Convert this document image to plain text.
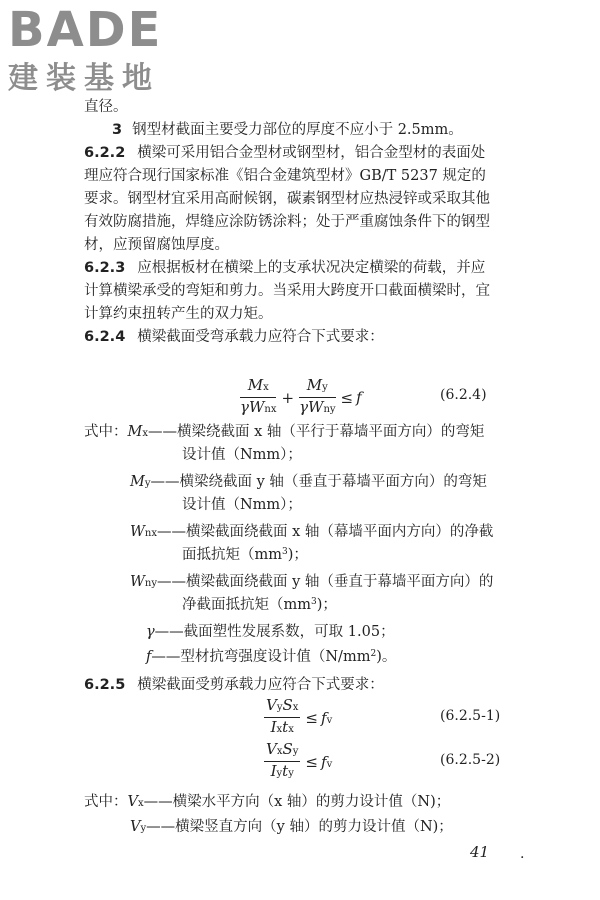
BADE
建装基地
直径。
3 钢型材截面主要受力部位的厚度不应小于 2.5mm。
6.2.2 横梁可采用铝合金型材或钢型材，铝合金型材的表面处
理应符合现行国家标准《铝合金建筑型材》GB/T 5237 规定的
要求。钢型材宜采用高耐候钢，碳素钢型材应热浸锌或采取其他
有效防腐措施，焊缝应涂防锈涂料；处于严重腐蚀条件下的钢型
材，应预留腐蚀厚度。
6.2.3 应根据板材在横梁上的支承状况决定横梁的荷载，并应
计算横梁承受的弯矩和剪力。当采用大跨度开口截面横梁时，宜
计算约束扭转产生的双力矩。
6.2.4 横梁截面受弯承载力应符合下式要求：
$\frac{Mx}{\text{γWnx}} + \frac{My}{\text{γWny}} \le f$	(6.2.4)
式中：Mx——横梁绕截面 x 轴（平行于幕墙平面方向）的弯矩
设计值（Nmm）；
My——横梁绕截面 y 轴（垂直于幕墙平面方向）的弯矩
设计值（Nmm）；
Wnx——横梁截面绕截面 x 轴（幕墙平面内方向）的净截
面抵抗矩$(mm^3)$；
Wny——横梁截面绕截面 y 轴（垂直于幕墙平面方向）的
净截面抵抗矩$(mm^3)$；
γ——截面塑性发展系数，可取 1.05；
f——型材抗弯强度设计值$(N/mm^2)$。
6.2.5 横梁截面受剪承载力应符合下式要求：
$\frac{\text{VySx}}{\text{Ixtx}}$ ≤ fv	(6.2.5-1)
$\frac{\text{VxSy}}{\text{Iyty}}$ ≤ fv	(6.2.5-2)
式中：Vx——横梁水平方向（x 轴）的剪力设计值（N)；
Vy——横梁竖直方向（y 轴）的剪力设计值（N)；
41 .
